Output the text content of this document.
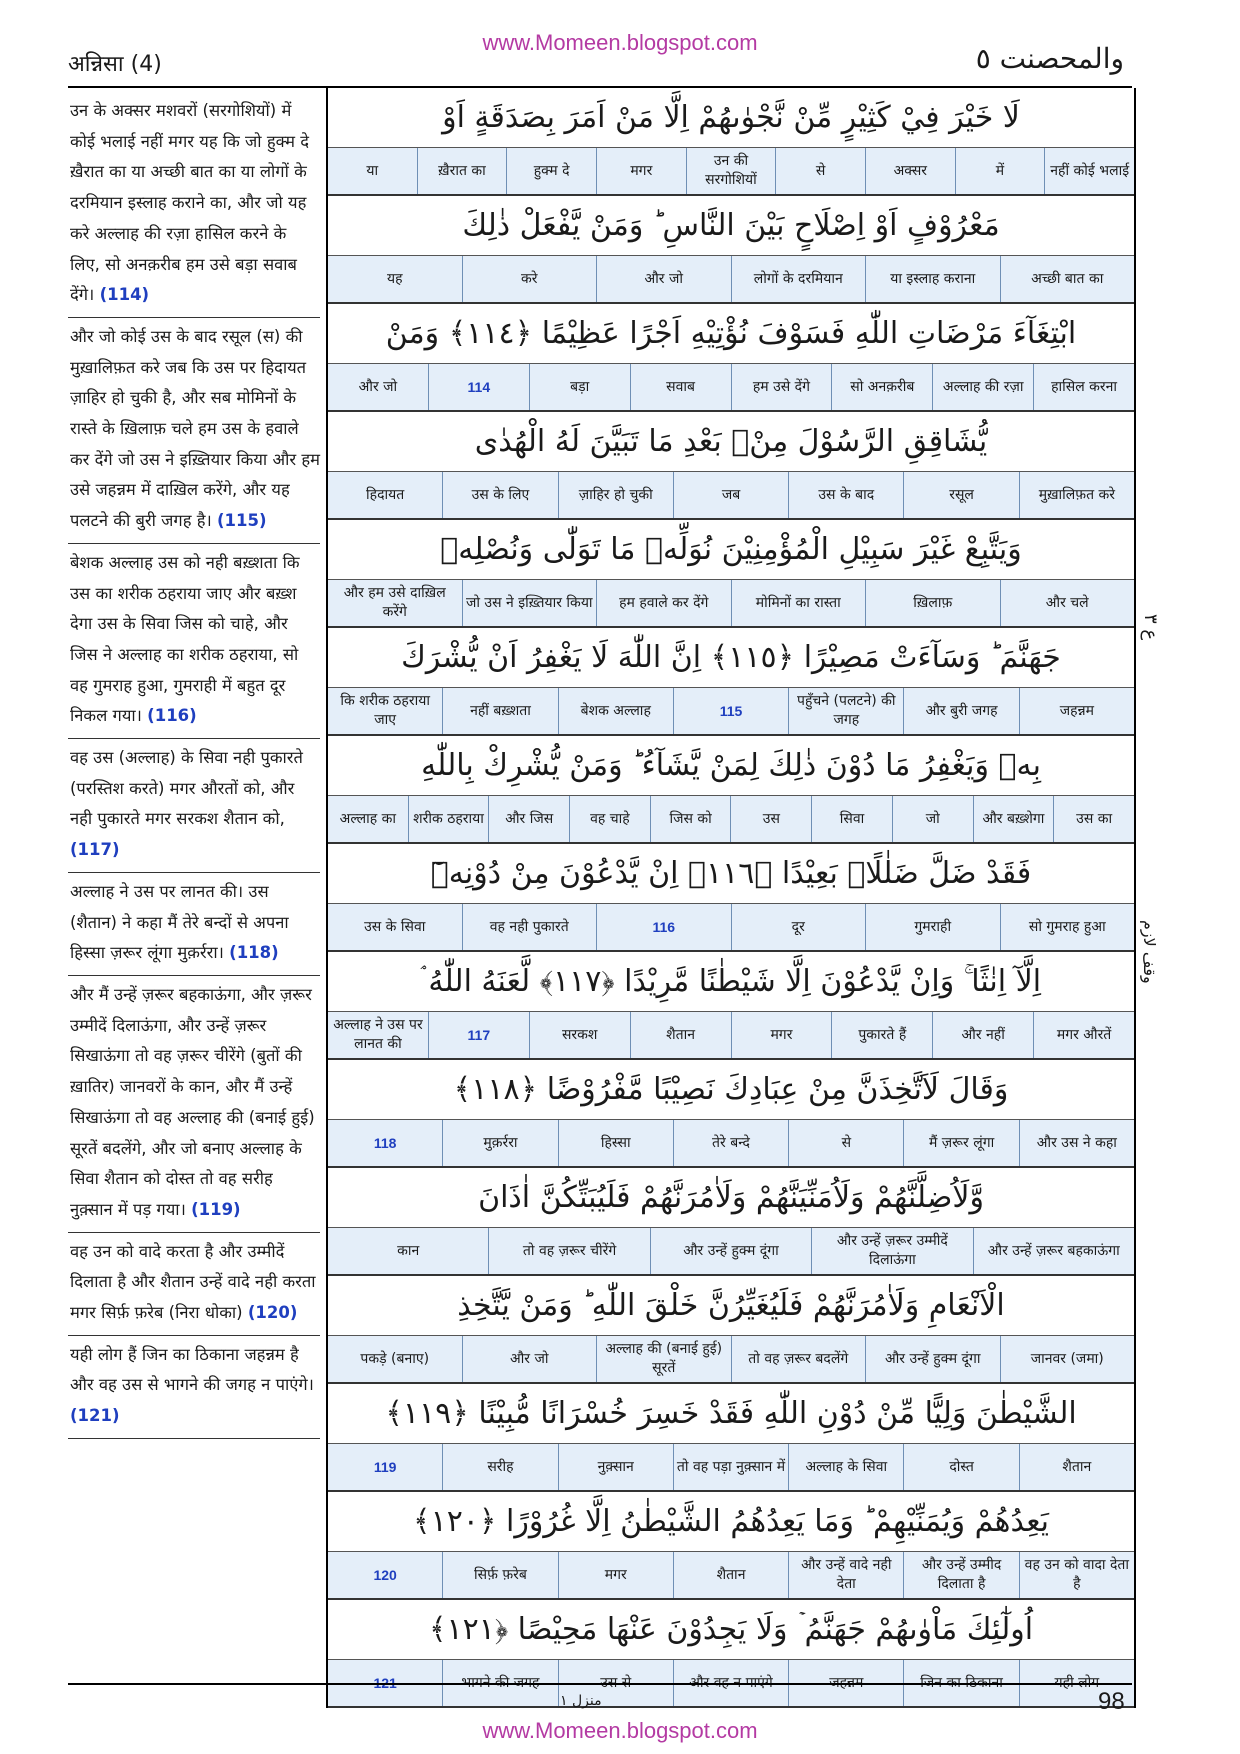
अन्निसा (4)
www.Momeen.blogspot.com	والمحصنت ٥
उन के अक्सर मशवरों (सरगोशियों) में कोई भलाई नहीं मगर यह कि जो हुक्म दे ख़ैरात का या अच्छी बात का या लोगों के दरमियान इस्लाह कराने का, और जो यह करे अल्लाह की रज़ा हासिल करने के लिए, सो अनक़रीब हम उसे बड़ा सवाब देंगे। (114)
और जो कोई उस के बाद रसूल (स) की मुख़ालिफ़त करे जब कि उस पर हिदायत ज़ाहिर हो चुकी है, और सब मोमिनों के रास्ते के ख़िलाफ़ चले हम उस के हवाले कर देंगे जो उस ने इख़्तियार किया और हम उसे जहन्नम में दाख़िल करेंगे, और यह पलटने की बुरी जगह है। (115)
बेशक अल्लाह उस को नही बख़्शता कि उस का शरीक ठहराया जाए और बख़्श देगा उस के सिवा जिस को चाहे, और जिस ने अल्लाह का शरीक ठहराया, सो वह गुमराह हुआ, गुमराही में बहुत दूर निकल गया। (116)
वह उस (अल्लाह) के सिवा नही पुकारते (परस्तिश करते) मगर औरतों को, और नही पुकारते मगर सरकश शैतान को, (117)
अल्लाह ने उस पर लानत की। उस (शैतान) ने कहा मैं तेरे बन्दों से अपना हिस्सा ज़रूर लूंगा मुक़र्ररा। (118)
और मैं उन्हें ज़रूर बहकाऊंगा, और ज़रूर उम्मीदें दिलाऊंगा, और उन्हें ज़रूर सिखाऊंगा तो वह ज़रूर चीरेंगे (बुतों की ख़ातिर) जानवरों के कान, और मैं उन्हें सिखाऊंगा तो वह अल्लाह की (बनाई हुई) सूरतें बदलेंगे, और जो बनाए अल्लाह के सिवा शैतान को दोस्त तो वह सरीह नुक़्सान में पड़ गया। (119)
वह उन को वादे करता है और उम्मीदें दिलाता है और शैतान उन्हें वादे नही करता मगर सिर्फ़ फ़रेब (निरा धोका) (120)
यही लोग हैं जिन का ठिकाना जहन्नम है और वह उस से भागने की जगह न पाएंगे। (121)
لَا خَيْرَ فِيْ كَثِيْرٍ مِّنْ نَّجْوٰىهُمْ اِلَّا مَنْ اَمَرَ بِصَدَقَةٍ اَوْ
नहीं कोई भलाई
में
अक्सर
से
उन की सरगोशियों
मगर
हुक्म दे
ख़ैरात का
या
مَعْرُوْفٍ اَوْ اِصْلَاحٍ بَيْنَ النَّاسِ ؕ وَمَنْ يَّفْعَلْ ذٰلِكَ
अच्छी बात का
या इस्लाह कराना
लोगों के दरमियान
और जो
करे
यह
ابْتِغَآءَ مَرْضَاتِ اللّٰهِ فَسَوْفَ نُؤْتِيْهِ اَجْرًا عَظِيْمًا ﴿١١٤﴾ وَمَنْ
हासिल करना
अल्लाह की रज़ा
सो अनक़रीब
हम उसे देंगे
सवाब
बड़ा
114
और जो
يُّشَاقِقِ الرَّسُوْلَ مِنْۢ بَعْدِ مَا تَبَيَّنَ لَهُ الْهُدٰى
मुख़ालिफ़त करे
रसूल
उस के बाद
जब
ज़ाहिर हो चुकी
उस के लिए
हिदायत
وَيَتَّبِعْ غَيْرَ سَبِيْلِ الْمُؤْمِنِيْنَ نُوَلِّهٖ مَا تَوَلّٰى وَنُصْلِهٖ
और चले
ख़िलाफ़
मोमिनों का रास्ता
हम हवाले कर देंगे
जो उस ने इख़्तियार किया
और हम उसे दाख़िल करेंगे
جَهَنَّمَ ؕ وَسَآءَتْ مَصِيْرًا ﴿١١٥﴾ اِنَّ اللّٰهَ لَا يَغْفِرُ اَنْ يُّشْرَكَ
जहन्नम
और बुरी जगह
पहुँचने (पलटने) की जगह
115
बेशक अल्लाह
नहीं बख़्शता
कि शरीक ठहराया जाए
بِهٖ وَيَغْفِرُ مَا دُوْنَ ذٰلِكَ لِمَنْ يَّشَآءُ ؕ وَمَنْ يُّشْرِكْ بِاللّٰهِ
उस का
और बख़्शेगा
जो
सिवा
उस
जिस को
वह चाहे
और जिस
शरीक ठहराया
अल्लाह का
فَقَدْ ضَلَّ ضَلٰلًاۢ بَعِيْدًا ﴿١١٦﴾ اِنْ يَّدْعُوْنَ مِنْ دُوْنِهٖٓ
सो गुमराह हुआ
गुमराही
दूर
116
वह नही पुकारते
उस के सिवा
اِلَّآ اِنٰثًا ۚ وَاِنْ يَّدْعُوْنَ اِلَّا شَيْطٰنًا مَّرِيْدًا ﴿١١٧﴾ لَّعَنَهُ اللّٰهُ ۘ
मगर औरतें
और नहीं
पुकारते हैं
मगर
शैतान
सरकश
117
अल्लाह ने उस पर लानत की
وَقَالَ لَاَتَّخِذَنَّ مِنْ عِبَادِكَ نَصِيْبًا مَّفْرُوْضًا ﴿١١٨﴾
और उस ने कहा
मैं ज़रूर लूंगा
से
तेरे बन्दे
हिस्सा
मुक़र्ररा
118
وَّلَاُضِلَّنَّهُمْ وَلَاُمَنِّيَنَّهُمْ وَلَاٰمُرَنَّهُمْ فَلَيُبَتِّكُنَّ اٰذَانَ
और उन्हें ज़रूर बहकाऊंगा
और उन्हें ज़रूर उम्मीदें दिलाऊंगा
और उन्हें हुक्म दूंगा
तो वह ज़रूर चीरेंगे
कान
الْاَنْعَامِ وَلَاٰمُرَنَّهُمْ فَلَيُغَيِّرُنَّ خَلْقَ اللّٰهِ ؕ وَمَنْ يَّتَّخِذِ
जानवर (जमा)
और उन्हें हुक्म दूंगा
तो वह ज़रूर बदलेंगे
अल्लाह की (बनाई हुई) सूरतें
और जो
पकड़े (बनाए)
الشَّيْطٰنَ وَلِيًّا مِّنْ دُوْنِ اللّٰهِ فَقَدْ خَسِرَ خُسْرَانًا مُّبِيْنًا ﴿١١٩﴾
शैतान
दोस्त
अल्लाह के सिवा
तो वह पड़ा नुक़्सान में
नुक़्सान
सरीह
119
يَعِدُهُمْ وَيُمَنِّيْهِمْ ؕ وَمَا يَعِدُهُمُ الشَّيْطٰنُ اِلَّا غُرُوْرًا ﴿١٢٠﴾
वह उन को वादा देता है
और उन्हें उम्मीद दिलाता है
और उन्हें वादे नही देता
शैतान
मगर
सिर्फ़ फ़रेब
120
اُولٰٓئِكَ مَاْوٰىهُمْ جَهَنَّمُ ۡ وَلَا يَجِدُوْنَ عَنْهَا مَحِيْصًا ﴿١٢١﴾
ع ٣
وقف لازم
منزل ١	98
www.Momeen.blogspot.com
